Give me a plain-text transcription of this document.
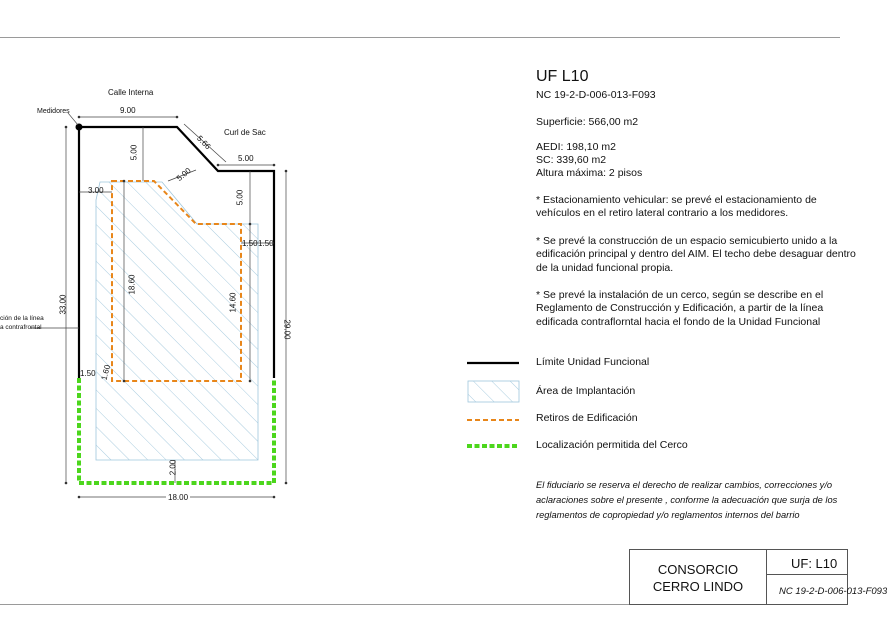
Calle Interna
Curl de Sac
Medidores
ción de la línea
a contrafrontal
9.00
5.66
5.00
5.00
3.00
5.00
5.00
1.50 1.50
18.60
14.60
33.00
29.00
1.50 1.60
2.00
18.00
UF L10
NC 19-2-D-006-013-F093
Superficie: 566,00 m2
AEDI: 198,10 m2
SC: 339,60 m2
Altura máxima: 2 pisos
* Estacionamiento vehicular: se prevé el estacionamiento de vehículos en el retiro lateral contrario a los medidores.
* Se prevé la construcción de un espacio semicubierto unido a la edificación principal y dentro del AIM. El techo debe desaguar dentro de la unidad funcional propia.
* Se prevé la instalación de un cerco, según se describe en el Reglamento de Construcción y Edificación, a partir de la línea edificada contraflorntal hacia el fondo de la Unidad Funcional
Límite Unidad Funcional
Área de Implantación
Retiros de Edificación
Localización permitida del Cerco
El fiduciario se reserva el derecho de realizar cambios, correcciones y/o aclaraciones sobre el presente , conforme la adecuación que surja de los reglamentos de copropiedad y/o reglamentos internos del barrio
CONSORCIO
CERRO LINDO
UF: L10
NC 19-2-D-006-013-F093
